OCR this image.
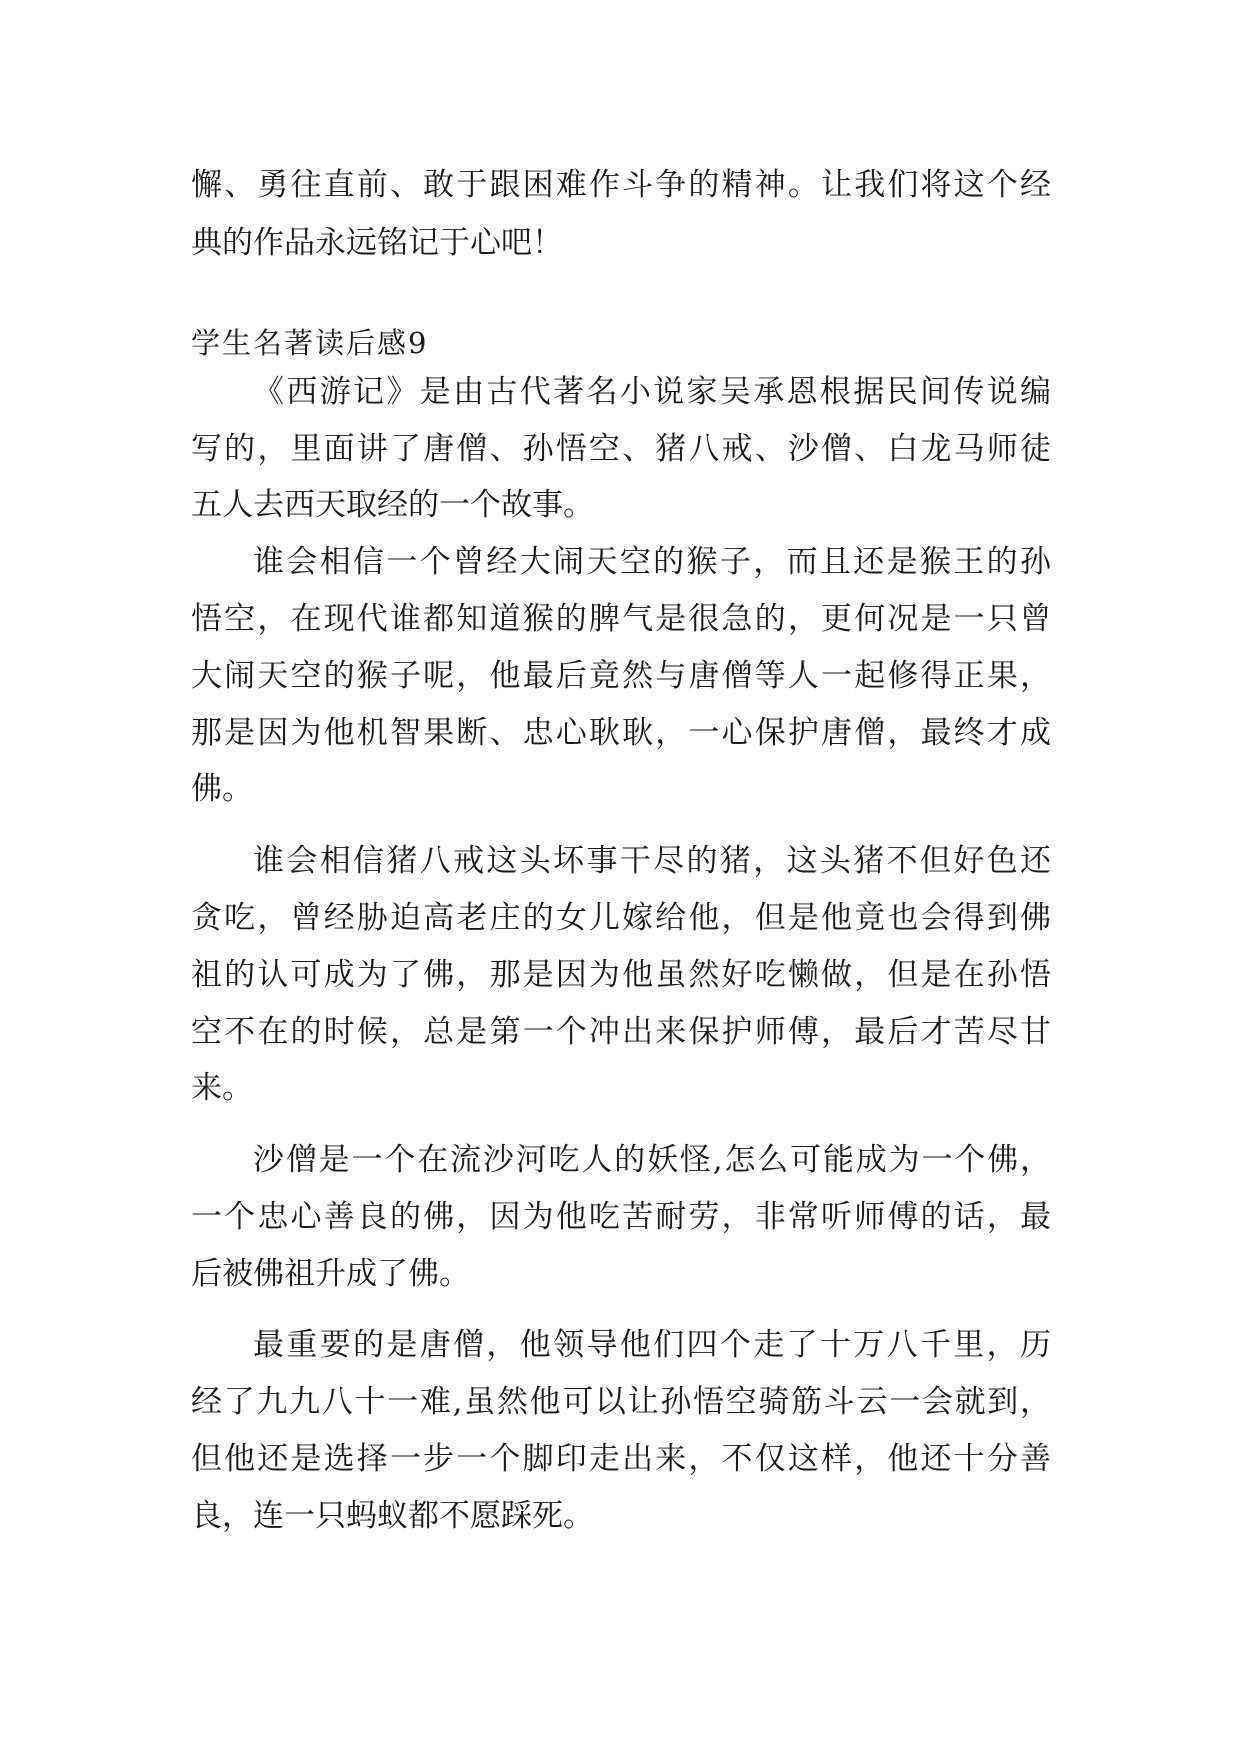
懈、勇往直前、敢于跟困难作斗争的精神。让我们将这个经
典的作品永远铭记于心吧！
学生名著读后感9
《西游记》是由古代著名小说家吴承恩根据民间传说编
写的，里面讲了唐僧、孙悟空、猪八戒、沙僧、白龙马师徒
五人去西天取经的一个故事。
谁会相信一个曾经大闹天空的猴子，而且还是猴王的孙
悟空，在现代谁都知道猴的脾气是很急的，更何况是一只曾
大闹天空的猴子呢，他最后竟然与唐僧等人一起修得正果，
那是因为他机智果断、忠心耿耿，一心保护唐僧，最终才成
佛。
谁会相信猪八戒这头坏事干尽的猪，这头猪不但好色还
贪吃，曾经胁迫高老庄的女儿嫁给他，但是他竟也会得到佛
祖的认可成为了佛，那是因为他虽然好吃懒做，但是在孙悟
空不在的时候，总是第一个冲出来保护师傅，最后才苦尽甘
来。
沙僧是一个在流沙河吃人的妖怪,怎么可能成为一个佛，
一个忠心善良的佛，因为他吃苦耐劳，非常听师傅的话，最
后被佛祖升成了佛。
最重要的是唐僧，他领导他们四个走了十万八千里，历
经了九九八十一难,虽然他可以让孙悟空骑筋斗云一会就到，
但他还是选择一步一个脚印走出来，不仅这样，他还十分善
良，连一只蚂蚁都不愿踩死。
